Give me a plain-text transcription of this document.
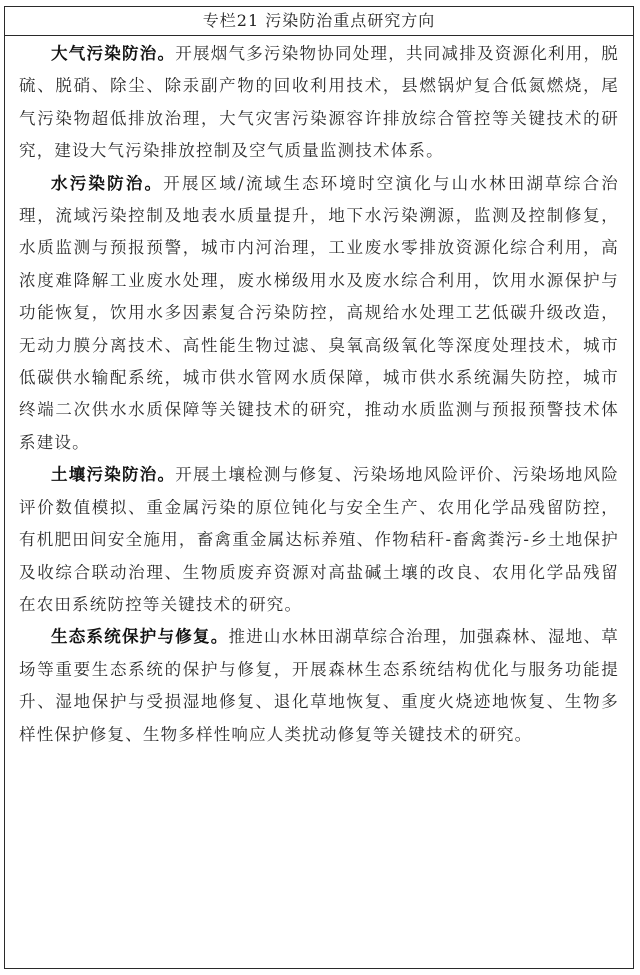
专栏21 污染防治重点研究方向

大气污染防治。开展烟气多污染物协同处理，共同减排及资源化利用，脱硫、脱硝、除尘、除汞副产物的回收利用技术，县燃锅炉复合低氮燃烧，尾气污染物超低排放治理，大气灾害污染源容许排放综合管控等关键技术的研究，建设大气污染排放控制及空气质量监测技术体系。

水污染防治。开展区域/流域生态环境时空演化与山水林田湖草综合治理，流域污染控制及地表水质量提升，地下水污染溯源，监测及控制修复，水质监测与预报预警，城市内河治理，工业废水零排放资源化综合利用，高浓度难降解工业废水处理，废水梯级用水及废水综合利用，饮用水源保护与功能恢复，饮用水多因素复合污染防控，高规给水处理工艺低碳升级改造，无动力膜分离技术、高性能生物过滤、臭氧高级氧化等深度处理技术，城市低碳供水输配系统，城市供水管网水质保障，城市供水系统漏失防控，城市终端二次供水水质保障等关键技术的研究，推动水质监测与预报预警技术体系建设。

土壤污染防治。开展土壤检测与修复、污染场地风险评价、污染场地风险评价数值模拟、重金属污染的原位钝化与安全生产、农用化学品残留防控，有机肥田间安全施用，畜禽重金属达标养殖、作物秸秆-畜禽粪污-乡土地保护及收综合联动治理、生物质废弃资源对高盐碱土壤的改良、农用化学品残留在农田系统防控等关键技术的研究。

生态系统保护与修复。推进山水林田湖草综合治理，加强森林、湿地、草场等重要生态系统的保护与修复，开展森林生态系统结构优化与服务功能提升、湿地保护与受损湿地修复、退化草地恢复、重度火烧迹地恢复、生物多样性保护修复、生物多样性响应人类扰动修复等关键技术的研究。
